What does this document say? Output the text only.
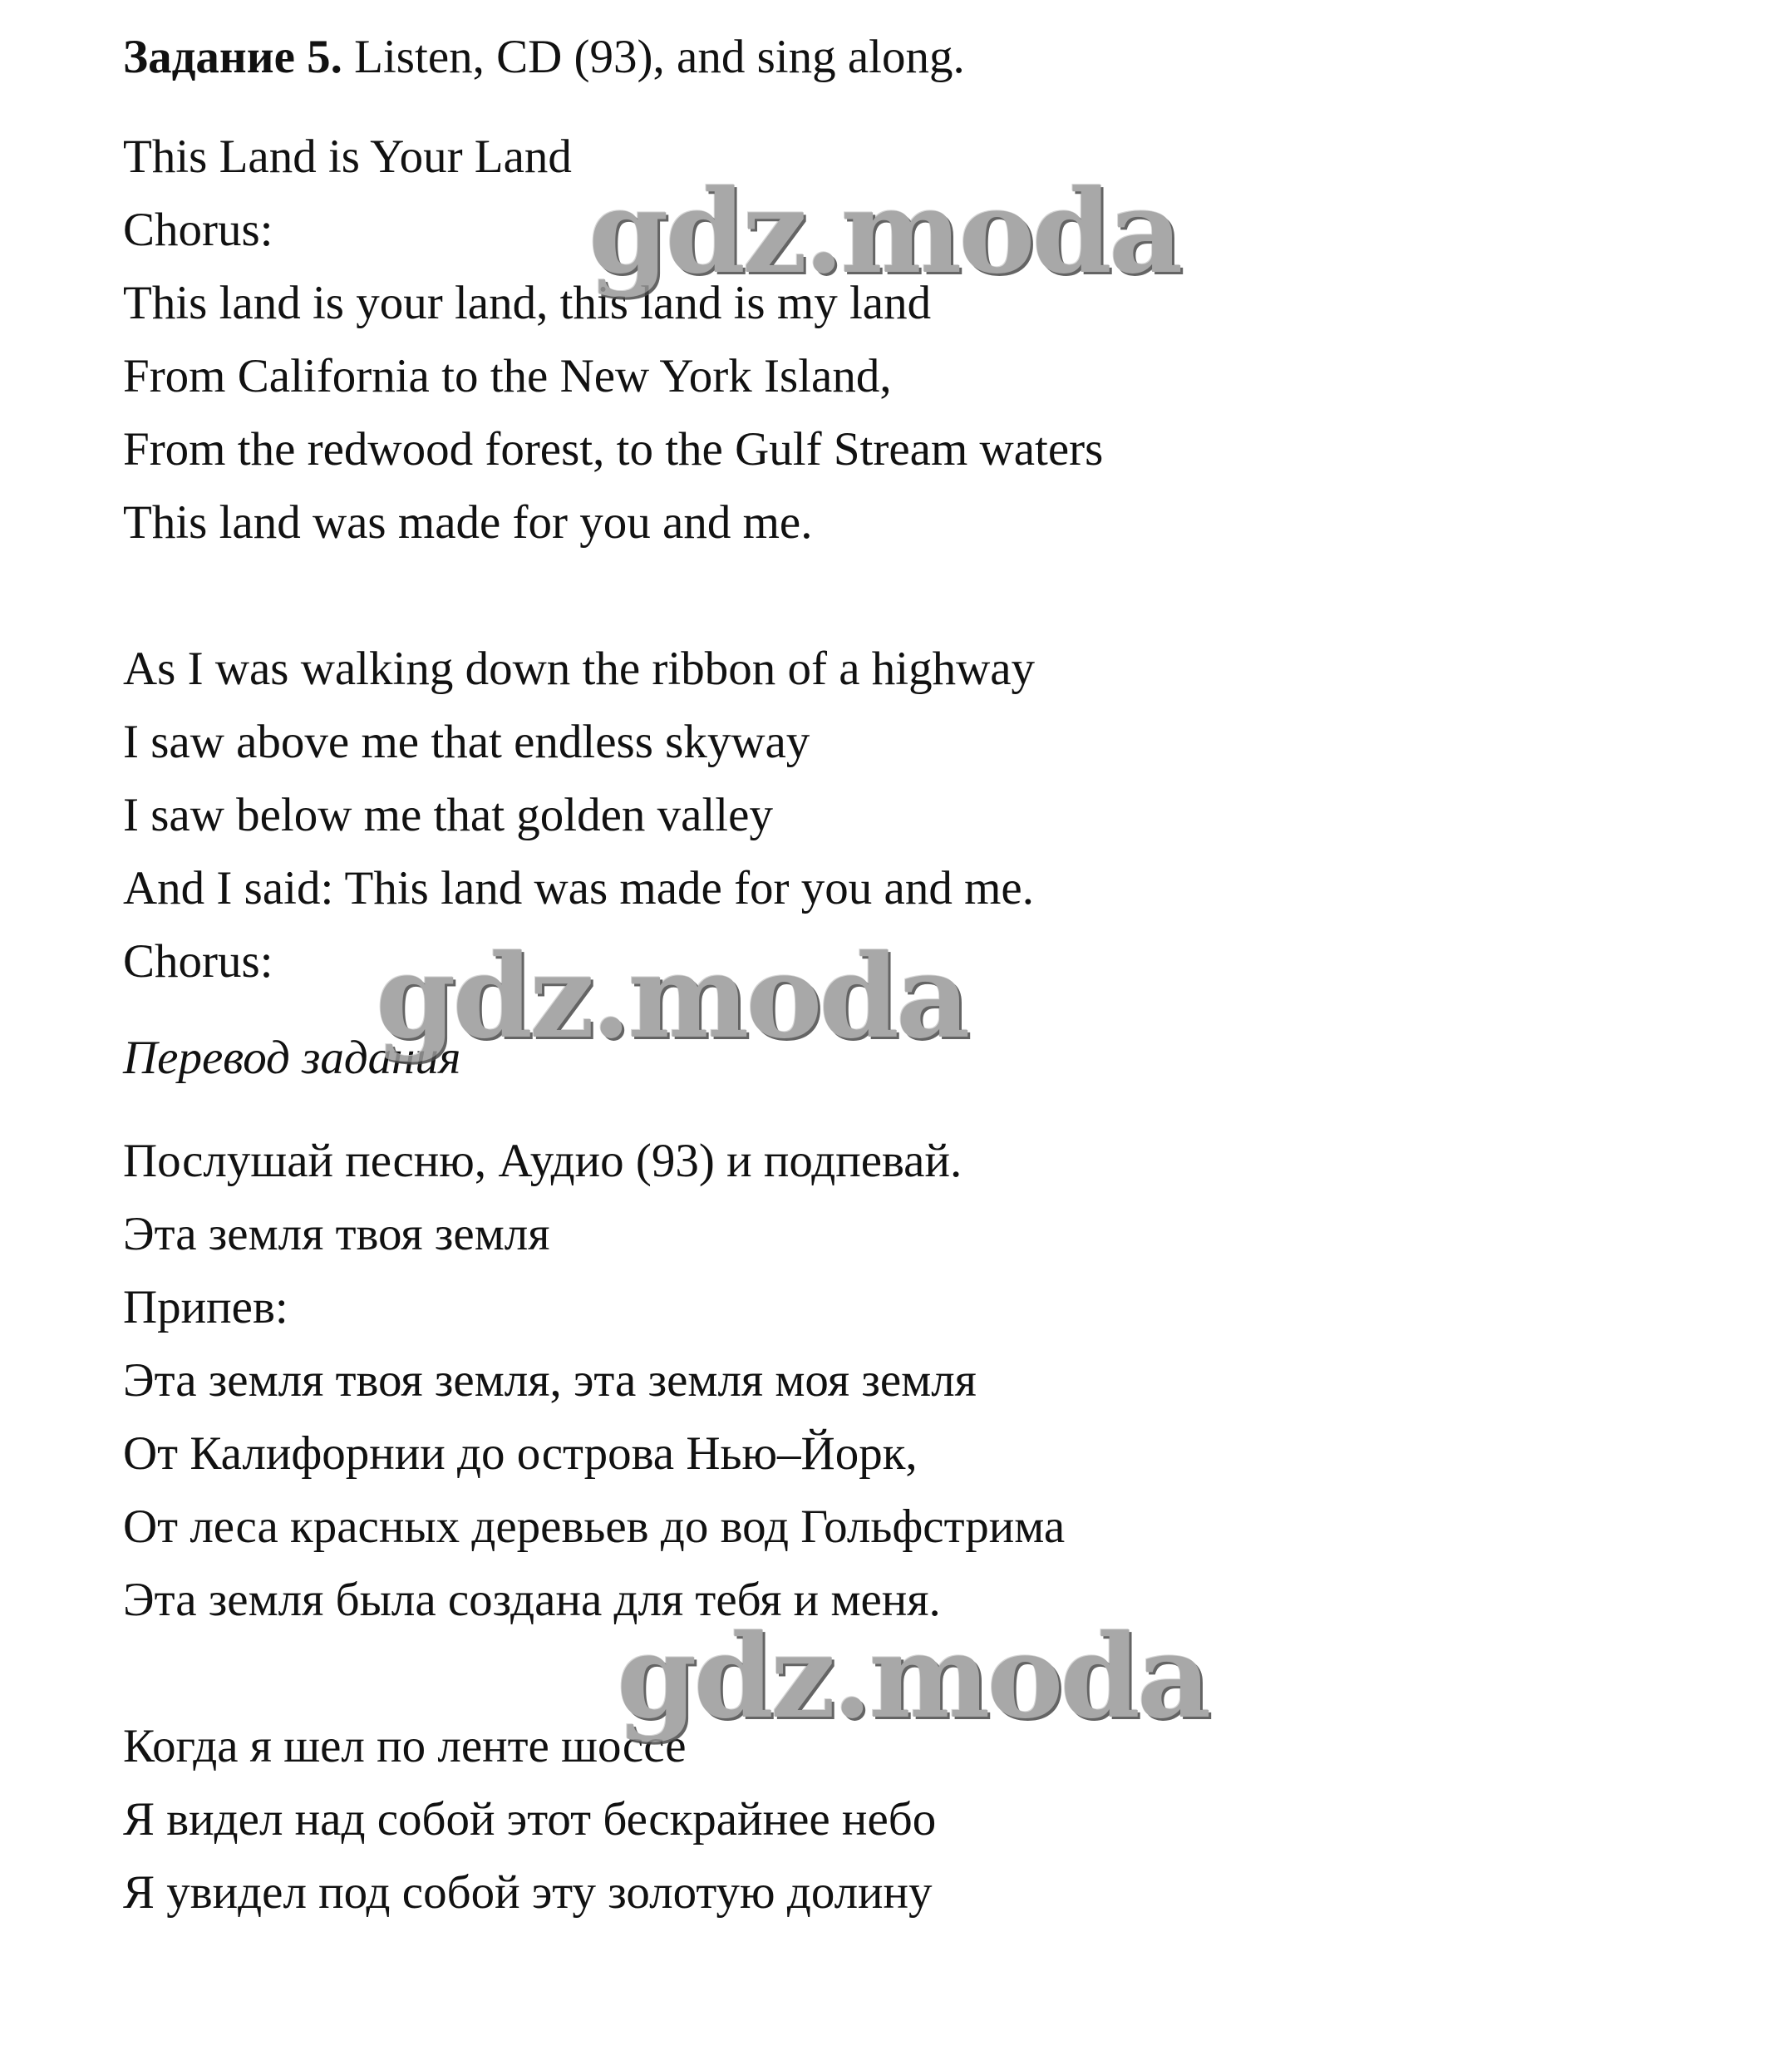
Задание 5. Listen, CD (93), and sing along.
This Land is Your Land
Chorus:
This land is your land, this land is my land
From California to the New York Island,
From the redwood forest, to the Gulf Stream waters
This land was made for you and me.
As I was walking down the ribbon of a highway
I saw above me that endless skyway
I saw below me that golden valley
And I said: This land was made for you and me.
Chorus:
Перевод задания
Послушай песню, Аудио (93) и подпевай.
Эта земля твоя земля
Припев:
Эта земля твоя земля, эта земля моя земля
От Калифорнии до острова Нью–Йорк,
От леса красных деревьев до вод Гольфстрима
Эта земля была создана для тебя и меня.
Когда я шел по ленте шоссе
Я видел над собой этот бескрайнее небо
Я увидел под собой эту золотую долину
gdz.moda
gdz.moda
gdz.moda
